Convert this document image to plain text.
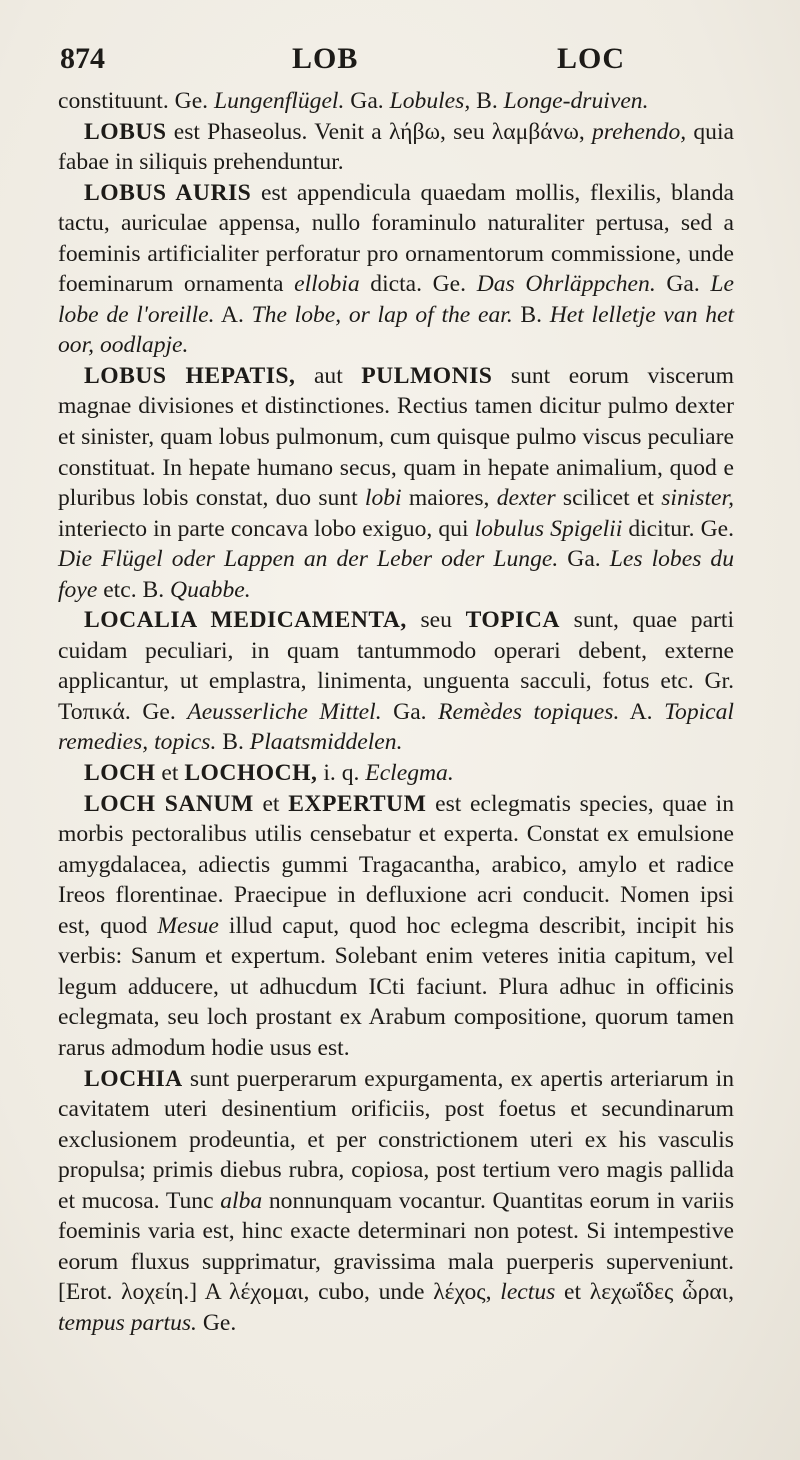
874	LOB	LOC

constituunt. Ge. Lungenflügel. Ga. Lobules, B. Longe-druiven.

LOBUS est Phaseolus. Venit a λήβω, seu λαμβάνω, prehendo, quia fabae in siliquis prehenduntur.

LOBUS AURIS est appendicula quaedam mollis, flexilis, blanda tactu, auriculae appensa, nullo foraminulo naturaliter pertusa, sed a foeminis artificialiter perforatur pro ornamentorum commissione, unde foeminarum ornamenta ellobia dicta. Ge. Das Ohrläppchen. Ga. Le lobe de l'oreille. A. The lobe, or lap of the ear. B. Het lelletje van het oor, oodlapje.

LOBUS HEPATIS, aut PULMONIS sunt eorum viscerum magnae divisiones et distinctiones. Rectius tamen dicitur pulmo dexter et sinister, quam lobus pulmonum, cum quisque pulmo viscus peculiare constituat. In hepate humano secus, quam in hepate animalium, quod e pluribus lobis constat, duo sunt lobi maiores, dexter scilicet et sinister, interiecto in parte concava lobo exiguo, qui lobulus Spigelii dicitur. Ge. Die Flügel oder Lappen an der Leber oder Lunge. Ga. Les lobes du foye etc. B. Quabbe.

LOCALIA MEDICAMENTA, seu TOPICA sunt, quae parti cuidam peculiari, in quam tantummodo operari debent, externe applicantur, ut emplastra, linimenta, unguenta sacculi, fotus etc. Gr. Τοπικά. Ge. Aeusserliche Mittel. Ga. Remèdes topiques. A. Topical remedies, topics. B. Plaatsmiddelen.

LOCH et LOCHOCH, i. q. Eclegma.

LOCH SANUM et EXPERTUM est eclegmatis species, quae in morbis pectoralibus utilis censebatur et experta. Constat ex emulsione amygdalacea, adiectis gummi Tragacantha, arabico, amylo et radice Ireos florentinae. Praecipue in defluxione acri conducit. Nomen ipsi est, quod Mesue illud caput, quod hoc eclegma describit, incipit his verbis: Sanum et expertum. Solebant enim veteres initia capitum, vel legum adducere, ut adhucdum ICti faciunt. Plura adhuc in officinis eclegmata, seu loch prostant ex Arabum compositione, quorum tamen rarus admodum hodie usus est.

LOCHIA sunt puerperarum expurgamenta, ex apertis arteriarum in cavitatem uteri desinentium orificiis, post foetus et secundinarum exclusionem prodeuntia, et per constrictionem uteri ex his vasculis propulsa; primis diebus rubra, copiosa, post tertium vero magis pallida et mucosa. Tunc alba nonnunquam vocantur. Quantitas eorum in variis foeminis varia est, hinc exacte determinari non potest. Si intempestive eorum fluxus supprimatur, gravissima mala puerperis superveniunt. [Erot. λοχείη.] A λέχομαι, cubo, unde λέχος, lectus et λεχωΐδες ὧραι, tempus partus. Ge.
